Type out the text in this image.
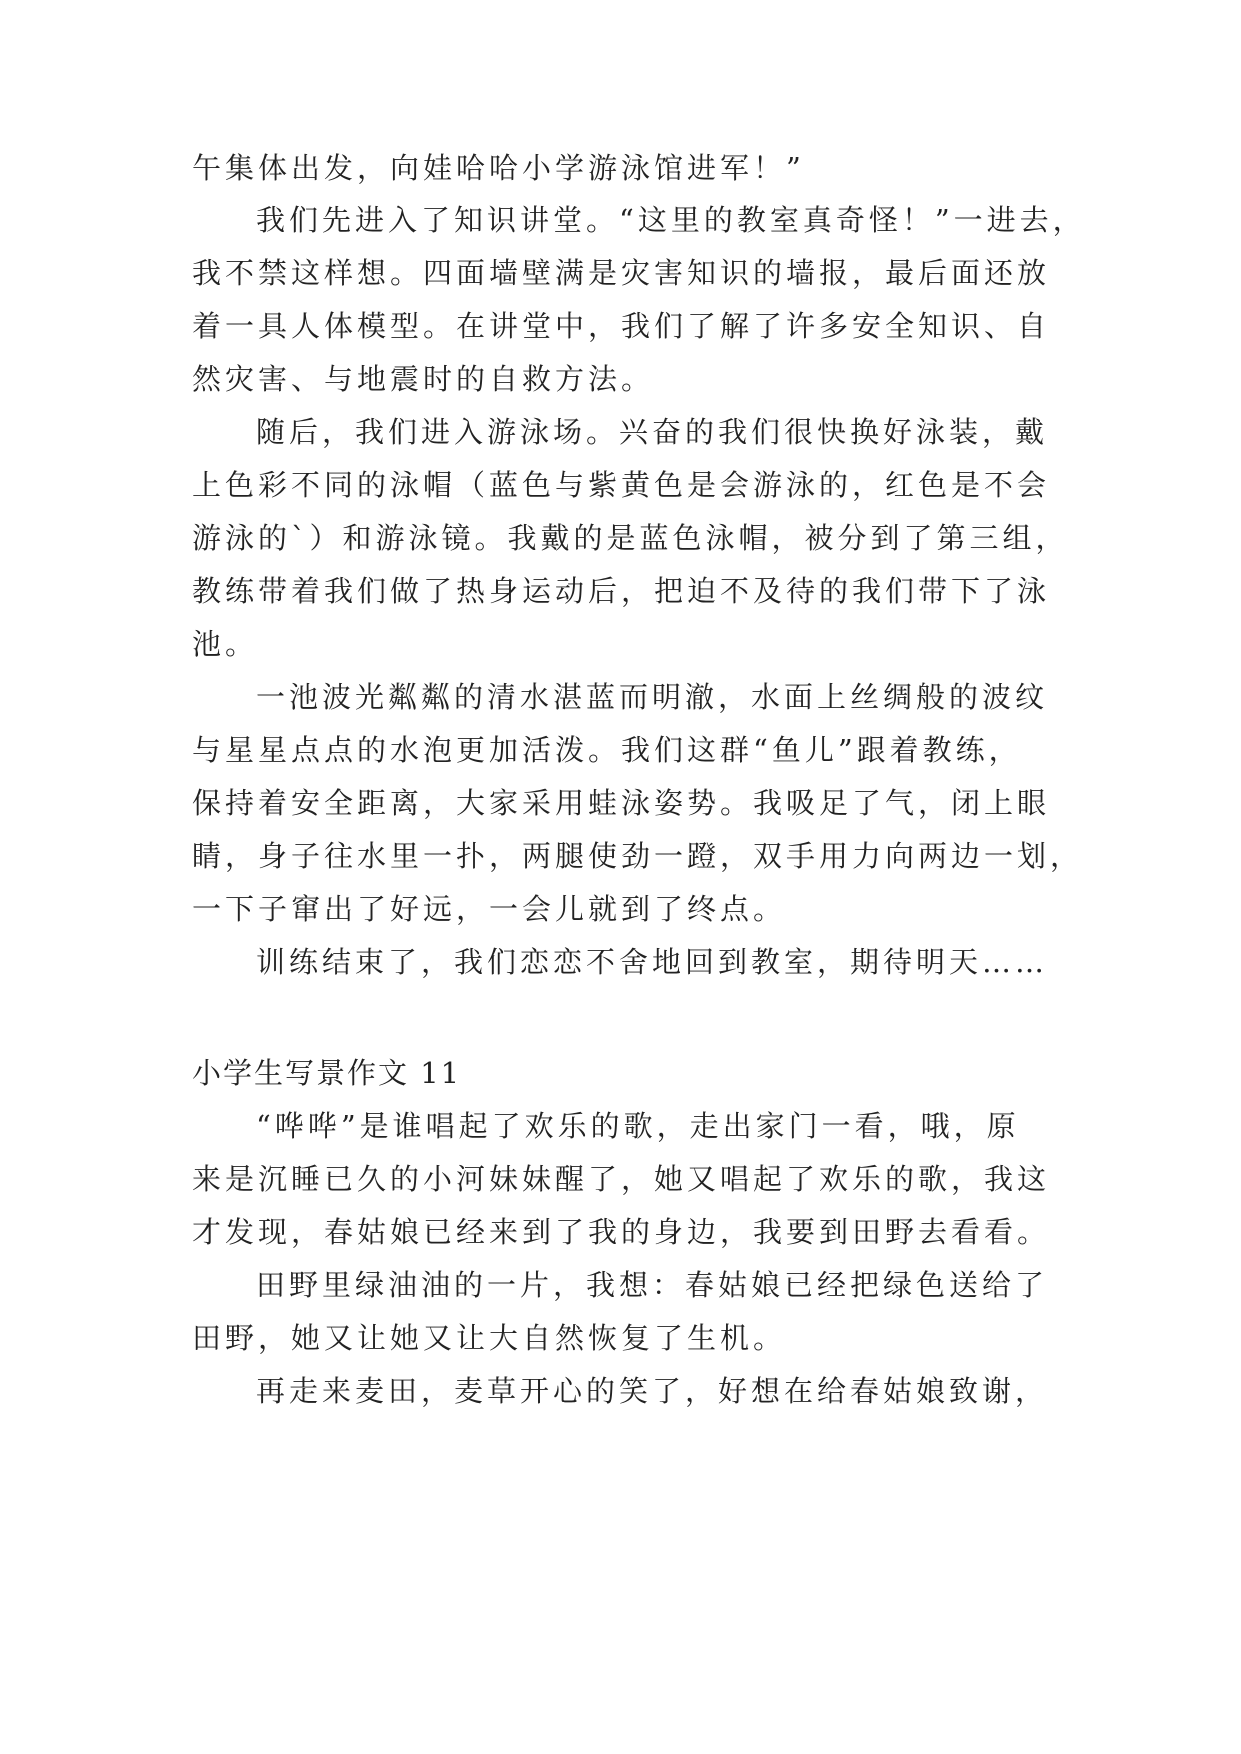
午集体出发，向娃哈哈小学游泳馆进军！”
我们先进入了知识讲堂。“这里的教室真奇怪！”一进去，
我不禁这样想。四面墙壁满是灾害知识的墙报，最后面还放
着一具人体模型。在讲堂中，我们了解了许多安全知识、自
然灾害、与地震时的自救方法。
随后，我们进入游泳场。兴奋的我们很快换好泳装，戴
上色彩不同的泳帽（蓝色与紫黄色是会游泳的，红色是不会
游泳的`）和游泳镜。我戴的是蓝色泳帽，被分到了第三组，
教练带着我们做了热身运动后，把迫不及待的我们带下了泳
池。
一池波光粼粼的清水湛蓝而明澈，水面上丝绸般的波纹
与星星点点的水泡更加活泼。我们这群“鱼儿”跟着教练，
保持着安全距离，大家采用蛙泳姿势。我吸足了气，闭上眼
睛，身子往水里一扑，两腿使劲一蹬，双手用力向两边一划，
一下子窜出了好远，一会儿就到了终点。
训练结束了，我们恋恋不舍地回到教室，期待明天……
小学生写景作文 11
“哗哗”是谁唱起了欢乐的歌，走出家门一看，哦，原
来是沉睡已久的小河妹妹醒了，她又唱起了欢乐的歌，我这
才发现，春姑娘已经来到了我的身边，我要到田野去看看。
田野里绿油油的一片，我想：春姑娘已经把绿色送给了
田野，她又让她又让大自然恢复了生机。
再走来麦田，麦草开心的笑了，好想在给春姑娘致谢，
